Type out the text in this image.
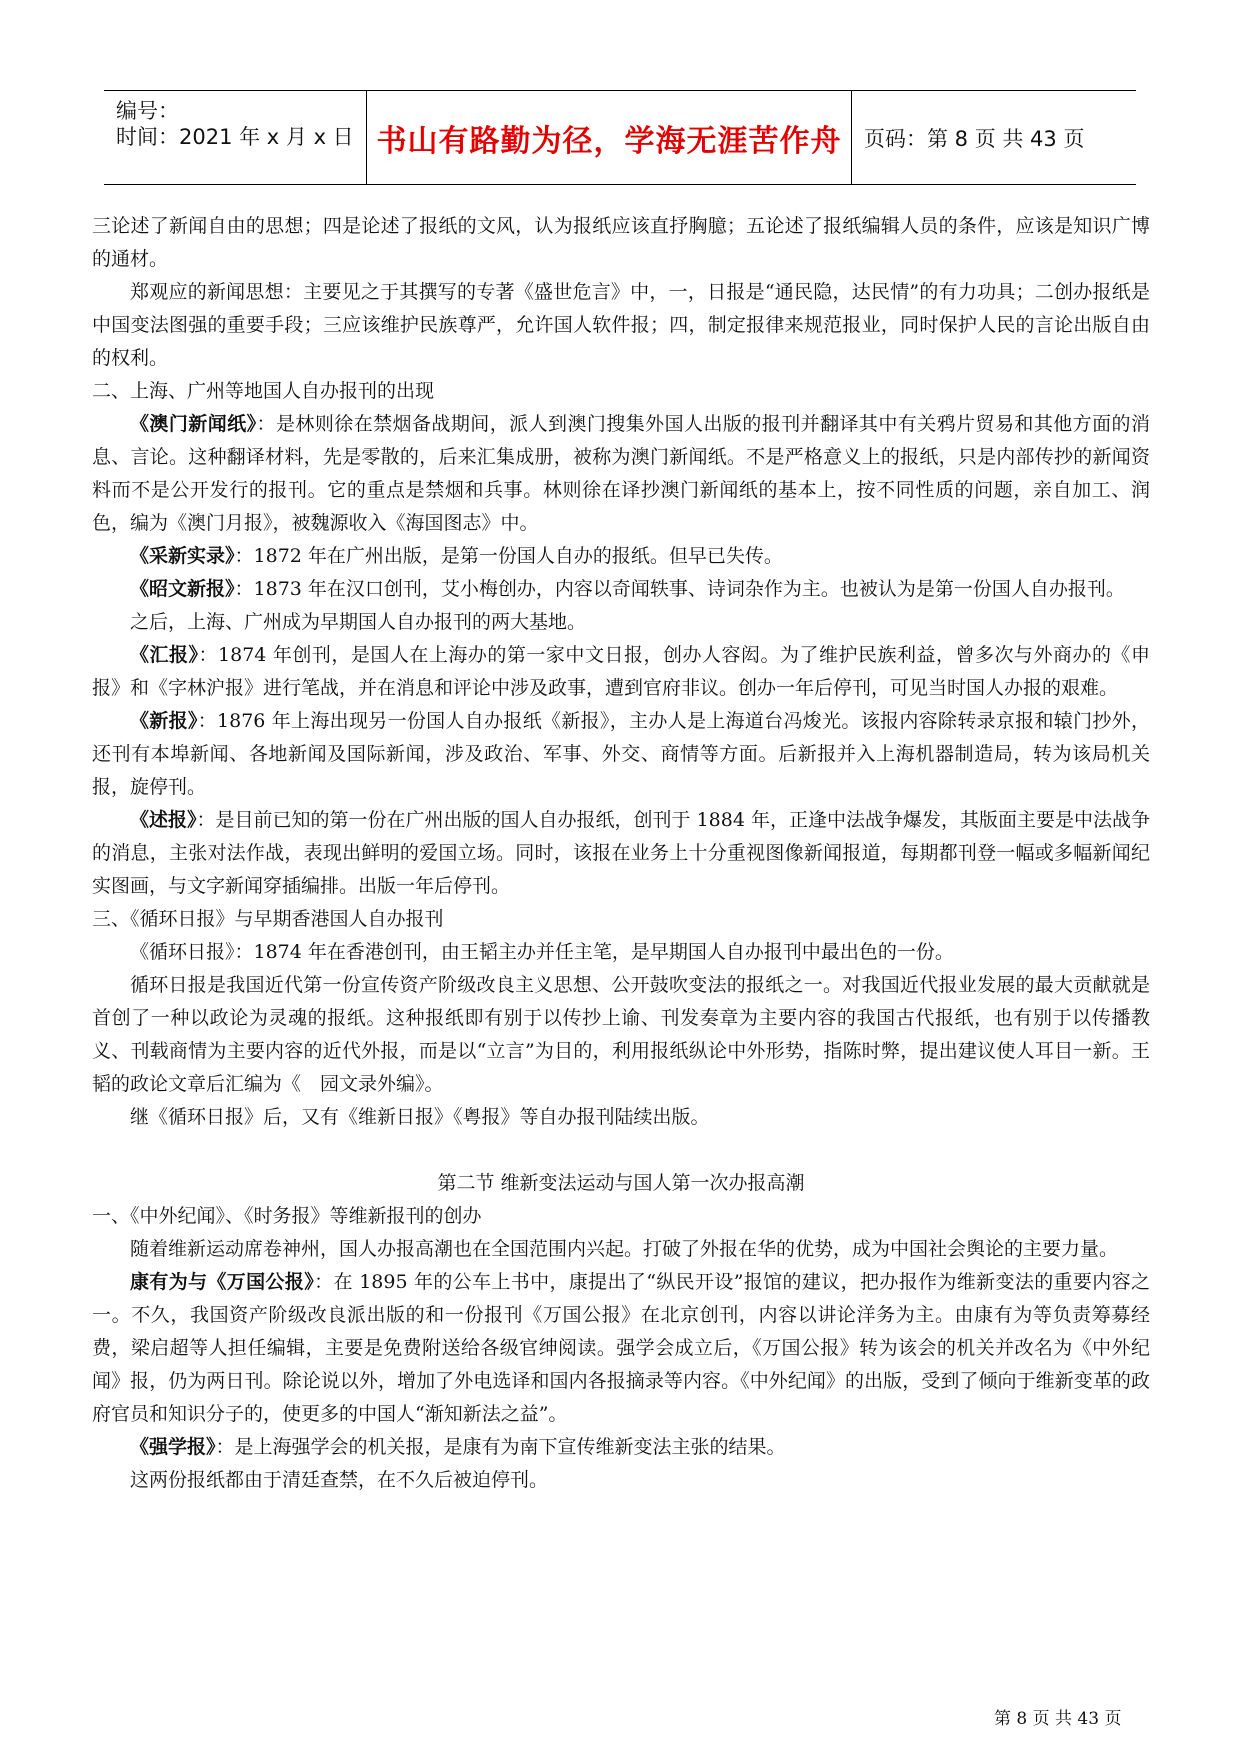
编号：
时间：2021 年 x 月 x 日 书山有路勤为径，学海无涯苦作舟	页码：第 8 页 共 43 页

三论述了新闻自由的思想；四是论述了报纸的文风，认为报纸应该直抒胸臆；五论述了报纸编辑人员的条件，应该是知识广博的通材。

郑观应的新闻思想：主要见之于其撰写的专著《盛世危言》中，一，日报是“通民隐，达民情”的有力功具；二创办报纸是中国变法图强的重要手段；三应该维护民族尊严，允许国人软件报；四，制定报律来规范报业，同时保护人民的言论出版自由的权利。

二、上海、广州等地国人自办报刊的出现

《澳门新闻纸》：是林则徐在禁烟备战期间，派人到澳门搜集外国人出版的报刊并翻译其中有关鸦片贸易和其他方面的消息、言论。这种翻译材料，先是零散的，后来汇集成册，被称为澳门新闻纸。不是严格意义上的报纸，只是内部传抄的新闻资料而不是公开发行的报刊。它的重点是禁烟和兵事。林则徐在译抄澳门新闻纸的基本上，按不同性质的问题，亲自加工、润色，编为《澳门月报》，被魏源收入《海国图志》中。

《采新实录》：1872 年在广州出版，是第一份国人自办的报纸。但早已失传。

《昭文新报》：1873 年在汉口创刊，艾小梅创办，内容以奇闻轶事、诗词杂作为主。也被认为是第一份国人自办报刊。

之后，上海、广州成为早期国人自办报刊的两大基地。

《汇报》：1874 年创刊，是国人在上海办的第一家中文日报，创办人容闳。为了维护民族利益，曾多次与外商办的《申报》和《字林沪报》进行笔战，并在消息和评论中涉及政事，遭到官府非议。创办一年后停刊，可见当时国人办报的艰难。

《新报》：1876 年上海出现另一份国人自办报纸《新报》，主办人是上海道台冯焌光。该报内容除转录京报和辕门抄外，还刊有本埠新闻、各地新闻及国际新闻，涉及政治、军事、外交、商情等方面。后新报并入上海机器制造局，转为该局机关报，旋停刊。

《述报》：是目前已知的第一份在广州出版的国人自办报纸，创刊于 1884 年，正逢中法战争爆发，其版面主要是中法战争的消息，主张对法作战，表现出鲜明的爱国立场。同时，该报在业务上十分重视图像新闻报道，每期都刊登一幅或多幅新闻纪实图画，与文字新闻穿插编排。出版一年后停刊。

三、《循环日报》与早期香港国人自办报刊

《循环日报》：1874 年在香港创刊，由王韬主办并任主笔，是早期国人自办报刊中最出色的一份。

循环日报是我国近代第一份宣传资产阶级改良主义思想、公开鼓吹变法的报纸之一。对我国近代报业发展的最大贡献就是首创了一种以政论为灵魂的报纸。这种报纸即有别于以传抄上谕、刊发奏章为主要内容的我国古代报纸，也有别于以传播教义、刊载商情为主要内容的近代外报，而是以“立言”为目的，利用报纸纵论中外形势，指陈时弊，提出建议使人耳目一新。王韬的政论文章后汇编为《　园文录外编》。

继《循环日报》后，又有《维新日报》《粤报》等自办报刊陆续出版。

第二节 维新变法运动与国人第一次办报高潮

一、《中外纪闻》、《时务报》等维新报刊的创办

随着维新运动席卷神州，国人办报高潮也在全国范围内兴起。打破了外报在华的优势，成为中国社会舆论的主要力量。

康有为与《万国公报》：在 1895 年的公车上书中，康提出了“纵民开设”报馆的建议，把办报作为维新变法的重要内容之一。不久，我国资产阶级改良派出版的和一份报刊《万国公报》在北京创刊，内容以讲论洋务为主。由康有为等负责筹募经费，梁启超等人担任编辑，主要是免费附送给各级官绅阅读。强学会成立后，《万国公报》转为该会的机关并改名为《中外纪闻》报，仍为两日刊。除论说以外，增加了外电选译和国内各报摘录等内容。《中外纪闻》的出版，受到了倾向于维新变革的政府官员和知识分子的，使更多的中国人“渐知新法之益”。

《强学报》：是上海强学会的机关报，是康有为南下宣传维新变法主张的结果。

这两份报纸都由于清廷查禁，在不久后被迫停刊。

第 8 页 共 43 页
